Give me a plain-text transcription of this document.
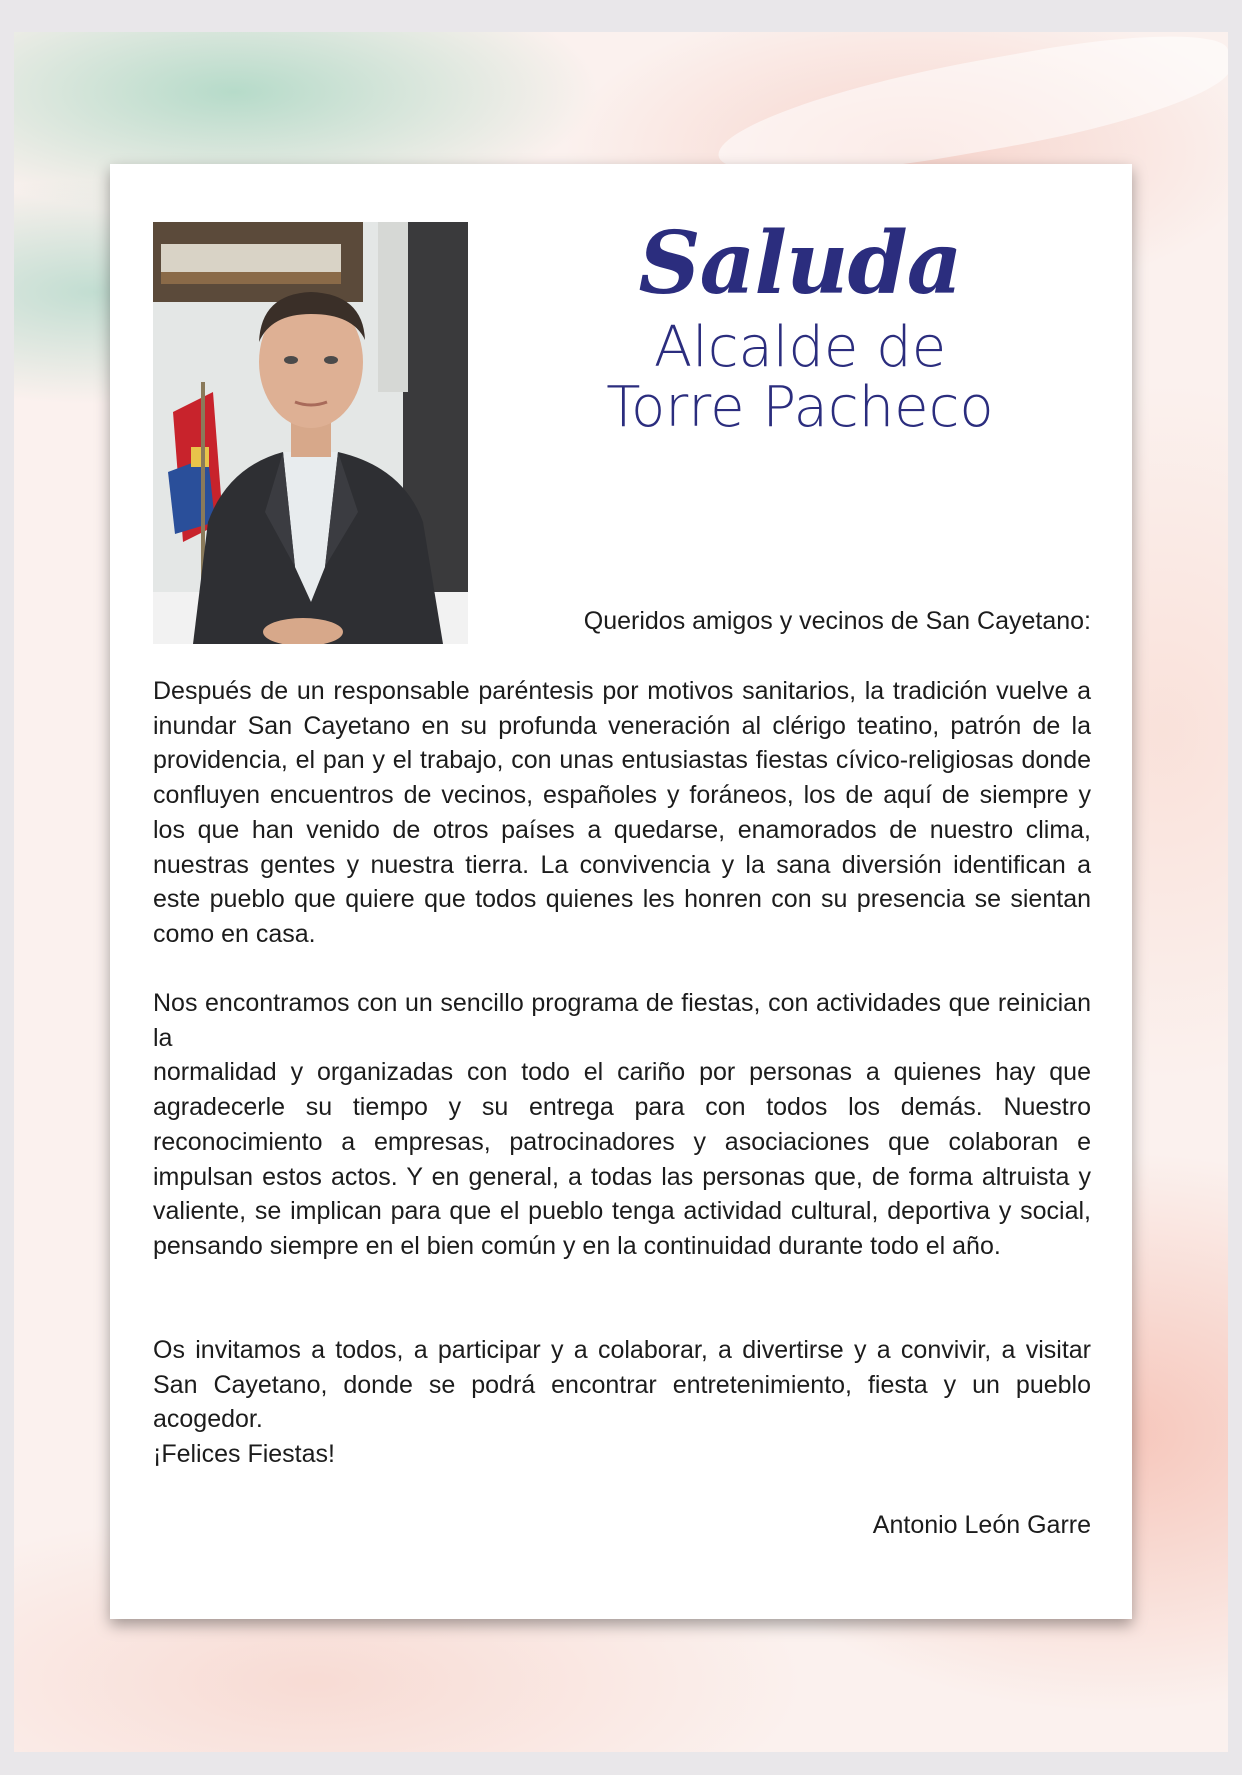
Saluda
Alcalde de
Torre Pacheco
Queridos amigos y vecinos de San Cayetano:
Después de un responsable paréntesis por motivos sanitarios, la tradición vuelve a inundar San Cayetano en su profunda veneración al clérigo teatino, patrón de la providencia, el pan y el trabajo, con unas entusiastas fiestas cívico-religiosas donde confluyen encuentros de vecinos, españoles y foráneos, los de aquí de siempre y los que han venido de otros países a quedarse, enamorados de nuestro clima, nuestras gentes y nuestra tierra. La convivencia y la sana diversión identifican a este pueblo que quiere que todos quienes les honren con su presencia se sientan como en casa.
Nos encontramos con un sencillo programa de fiestas, con actividades que reinician la
normalidad y organizadas con todo el cariño por personas a quienes hay que agradecerle su tiempo y su entrega para con todos los demás. Nuestro reconocimiento a empresas, patrocinadores y asociaciones que colaboran e impulsan estos actos. Y en general, a todas las personas que, de forma altruista y valiente, se implican para que el pueblo tenga actividad cultural, deportiva y social, pensando siempre en el bien común y en la continuidad durante todo el año.
Os invitamos a todos, a participar y a colaborar, a divertirse y a convivir, a visitar San Cayetano, donde se podrá encontrar entretenimiento, fiesta y un pueblo acogedor.
¡Felices Fiestas!
Antonio León Garre
